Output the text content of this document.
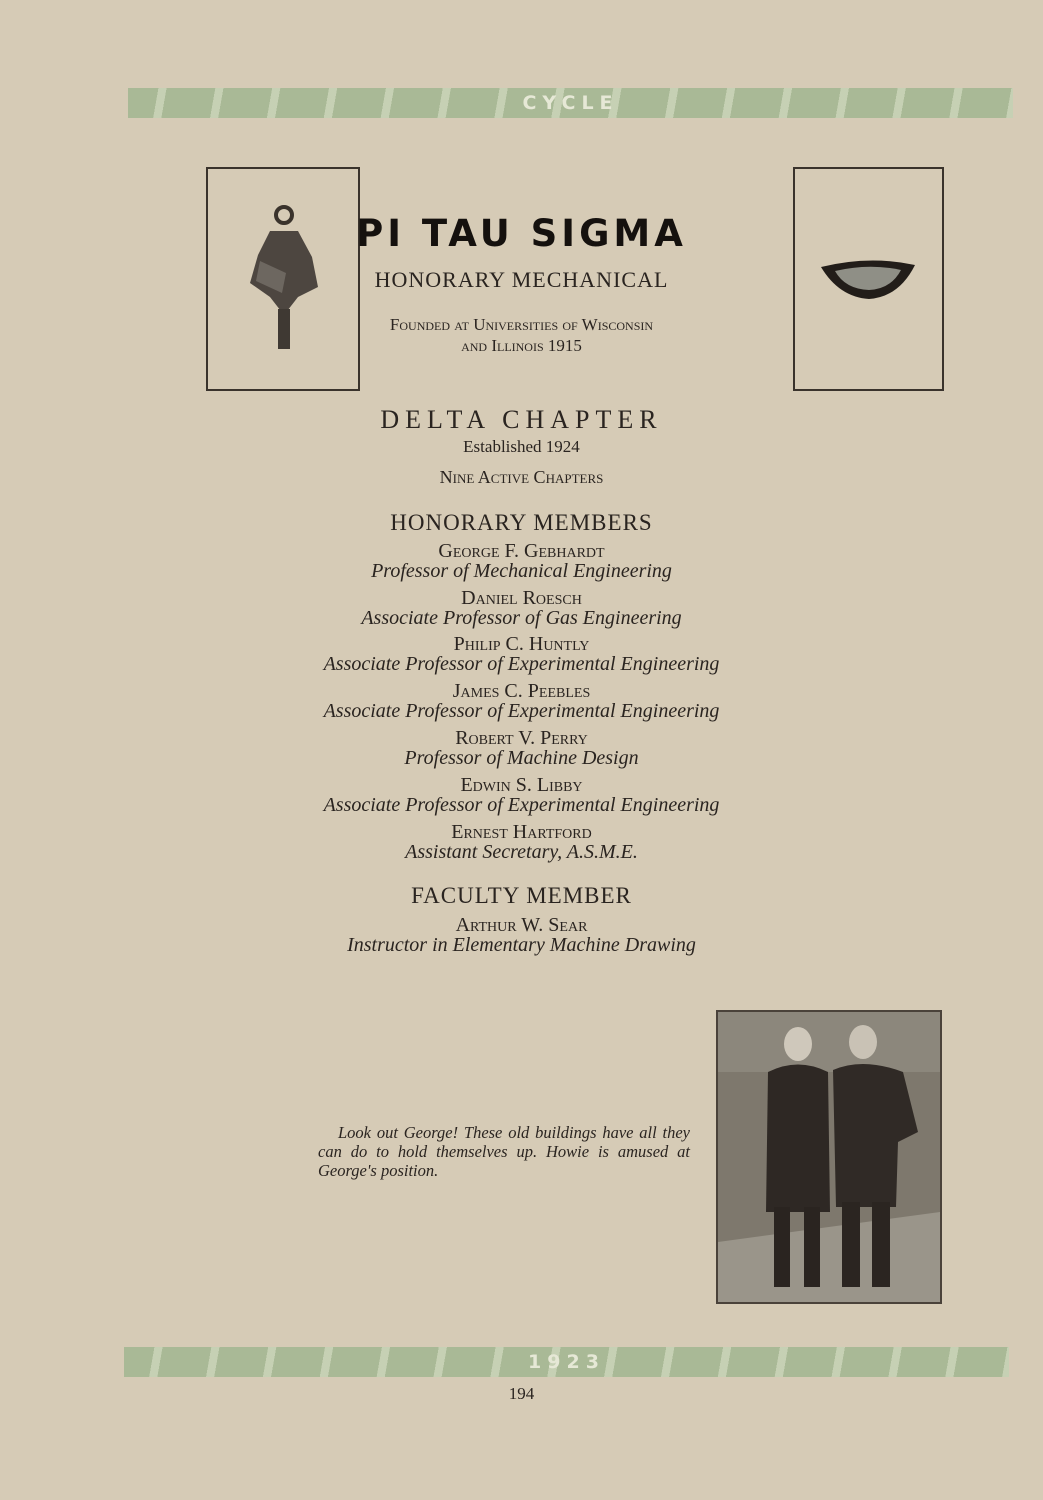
CYCLE
PI TAU SIGMA
HONORARY MECHANICAL
Founded at Universities of Wisconsin
and Illinois 1915
DELTA CHAPTER
Established 1924
Nine Active Chapters
HONORARY MEMBERS
George F. Gebhardt
Professor of Mechanical Engineering
Daniel Roesch
Associate Professor of Gas Engineering
Philip C. Huntly
Associate Professor of Experimental Engineering
James C. Peebles
Associate Professor of Experimental Engineering
Robert V. Perry
Professor of Machine Design
Edwin S. Libby
Associate Professor of Experimental Engineering
Ernest Hartford
Assistant Secretary, A.S.M.E.
FACULTY MEMBER
Arthur W. Sear
Instructor in Elementary Machine Drawing
Look out George! These old buildings have all they can do to hold themselves up. Howie is amused at George's position.
1923
194
